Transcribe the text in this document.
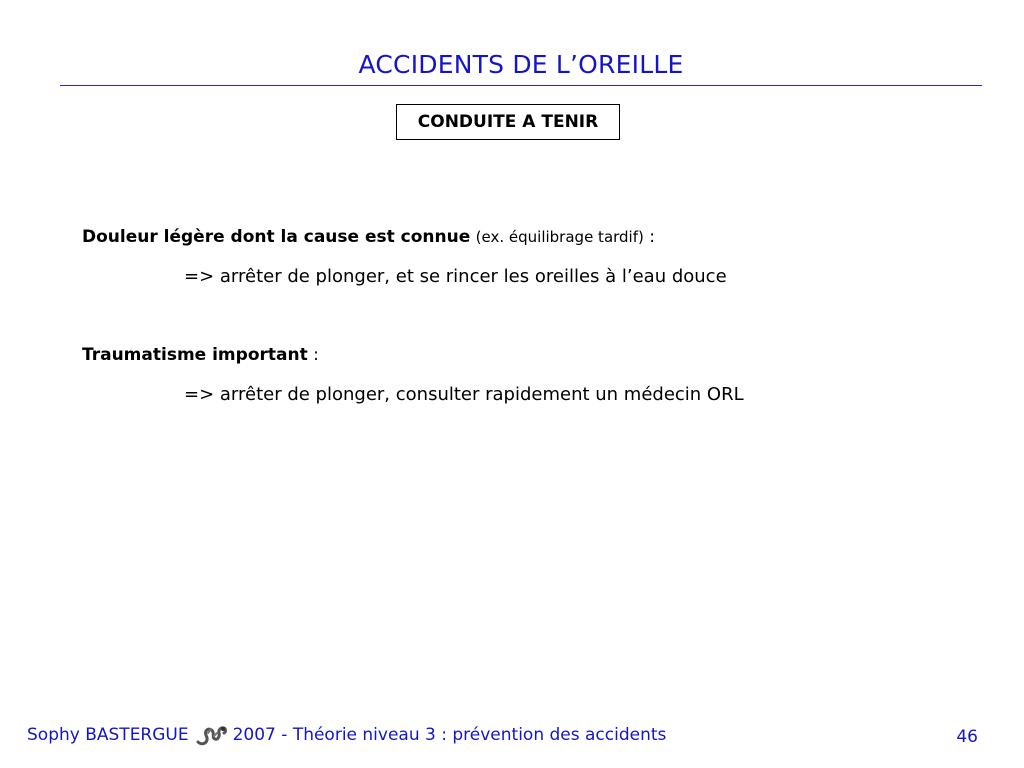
ACCIDENTS DE L’OREILLE
CONDUITE A TENIR
Douleur légère dont la cause est connue (ex. équilibrage tardif) :
=> arrêter de plonger, et se rincer les oreilles à l’eau douce
Traumatisme important :
=> arrêter de plonger, consulter rapidement un médecin ORL
Sophy BASTERGUE	2007 - Théorie niveau 3 : prévention des accidents	46
